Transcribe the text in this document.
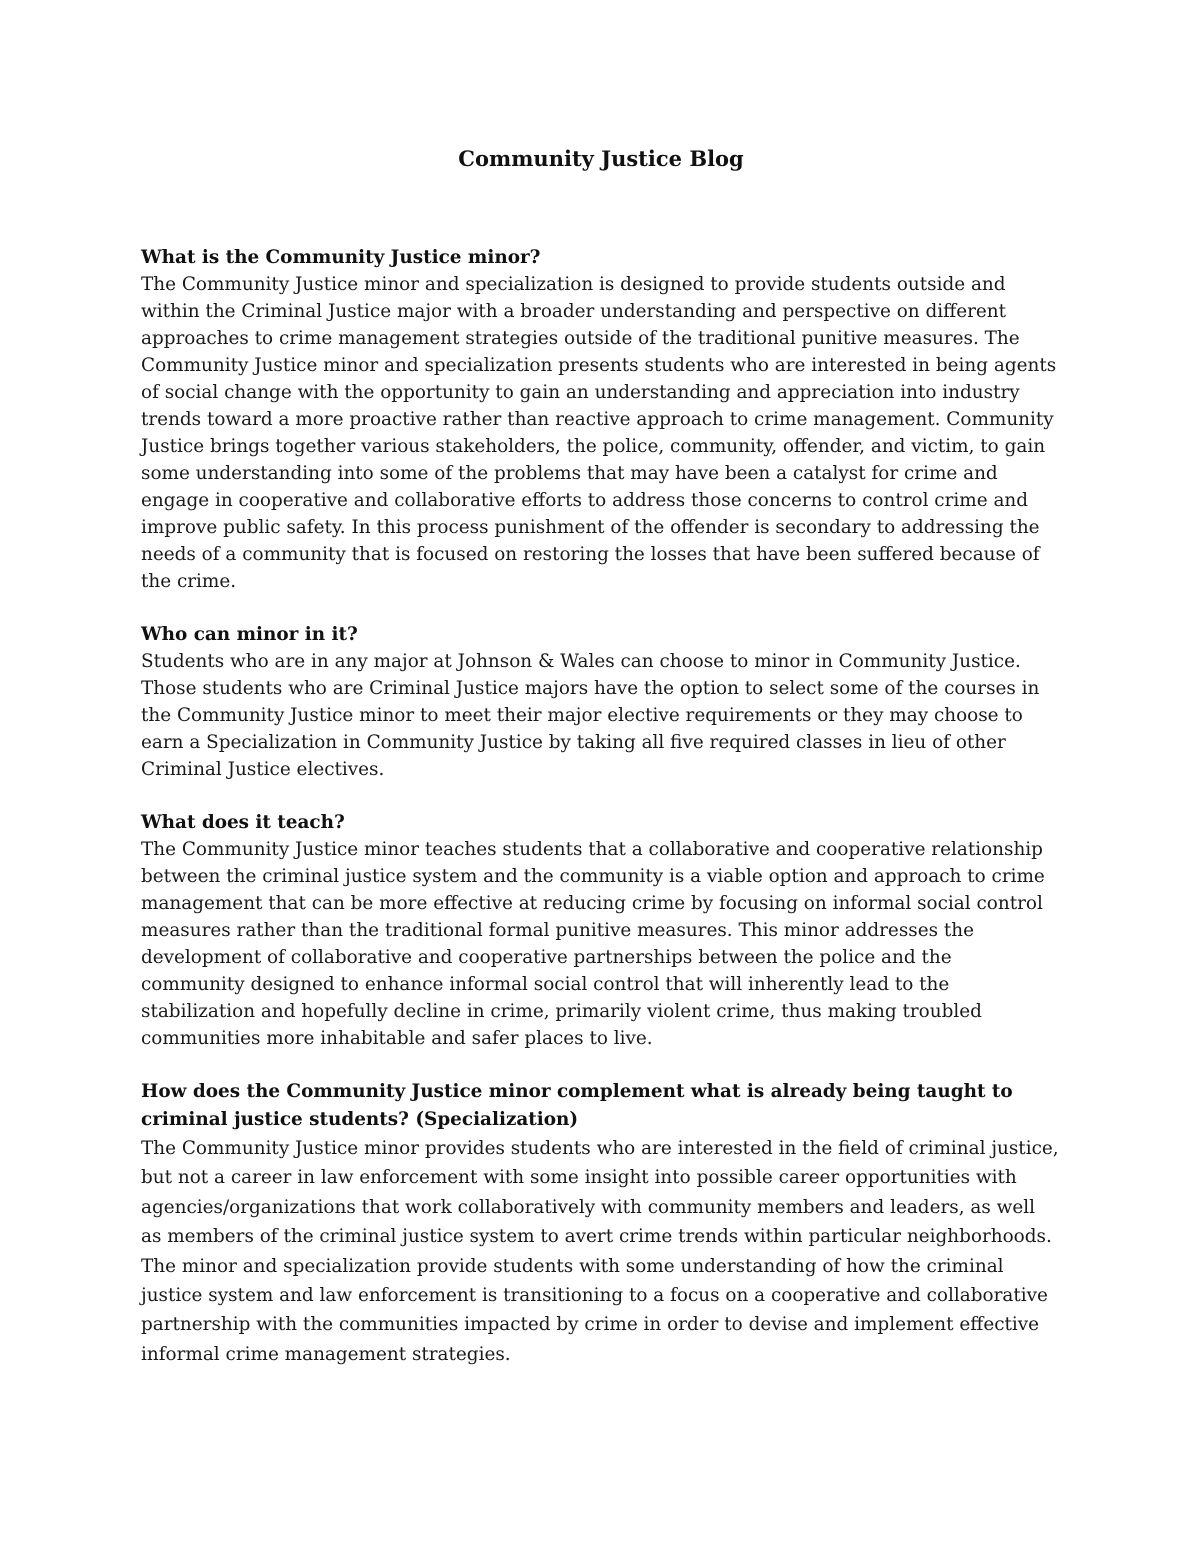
Community Justice Blog

What is the Community Justice minor?

The Community Justice minor and specialization is designed to provide students outside and within the Criminal Justice major with a broader understanding and perspective on different approaches to crime management strategies outside of the traditional punitive measures. The Community Justice minor and specialization presents students who are interested in being agents of social change with the opportunity to gain an understanding and appreciation into industry trends toward a more proactive rather than reactive approach to crime management. Community Justice brings together various stakeholders, the police, community, offender, and victim, to gain some understanding into some of the problems that may have been a catalyst for crime and engage in cooperative and collaborative efforts to address those concerns to control crime and improve public safety. In this process punishment of the offender is secondary to addressing the needs of a community that is focused on restoring the losses that have been suffered because of the crime.

Who can minor in it?

Students who are in any major at Johnson & Wales can choose to minor in Community Justice. Those students who are Criminal Justice majors have the option to select some of the courses in the Community Justice minor to meet their major elective requirements or they may choose to earn a Specialization in Community Justice by taking all five required classes in lieu of other Criminal Justice electives.

What does it teach?

The Community Justice minor teaches students that a collaborative and cooperative relationship between the criminal justice system and the community is a viable option and approach to crime management that can be more effective at reducing crime by focusing on informal social control measures rather than the traditional formal punitive measures. This minor addresses the development of collaborative and cooperative partnerships between the police and the community designed to enhance informal social control that will inherently lead to the stabilization and hopefully decline in crime, primarily violent crime, thus making troubled communities more inhabitable and safer places to live.

How does the Community Justice minor complement what is already being taught to criminal justice students? (Specialization)

The Community Justice minor provides students who are interested in the field of criminal justice, but not a career in law enforcement with some insight into possible career opportunities with agencies/organizations that work collaboratively with community members and leaders, as well as members of the criminal justice system to avert crime trends within particular neighborhoods. The minor and specialization provide students with some understanding of how the criminal justice system and law enforcement is transitioning to a focus on a cooperative and collaborative partnership with the communities impacted by crime in order to devise and implement effective informal crime management strategies.
